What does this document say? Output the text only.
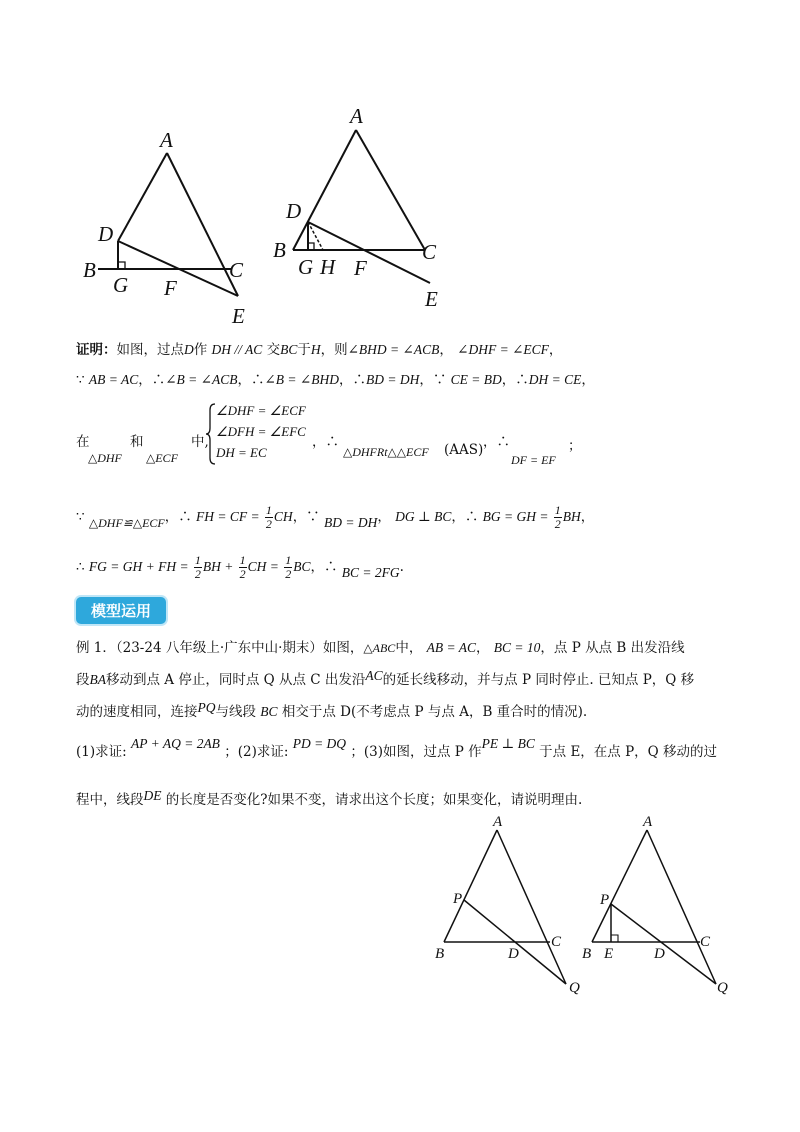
A
D
B
G F
C
E
A
D
B
G H F
C
E
证明：如图，过点D作 DH // AC 交BC于H，则∠BHD = ∠ACB， ∠DHF = ∠ECF，
∵ AB = AC，∴∠B = ∠ACB，∴∠B = ∠BHD，∴BD = DH，∵ CE = BD，∴DH = CE，
在
△DHF
和
△ECF
中,
∠DHF = ∠ECF
∠DFH = ∠EFC
DH = EC
，∴
△DHFRt△△ECF (AAS) ，∴
DF = EF
；
∵ △DHF≌△ECF，∴ FH = CF = $\frac{1}{2}$ CH，∵ BD = DH， DG ⊥ BC，∴ BG = GH = $\frac{1}{2}$ BH，
∴ FG = GH + FH = $\frac{1}{2}$ BH + $\frac{1}{2}$ CH = $\frac{1}{2}$ BC，∴ BC = 2FG.
模型运用
例 1．（23-24 八年级上·广东中山·期末）如图，△ABC中， AB = AC， BC = 10，点 P 从点 B 出发沿线
段BA移动到点 A 停止，同时点 Q 从点 C 出发沿AC的延长线移动，并与点 P 同时停止. 已知点 P，Q 移
动的速度相同，连接PQ与线段 BC 相交于点 D(不考虑点 P 与点 A，B 重合时的情况).
(1)求证: AP + AQ = 2AB ；(2)求证: PD = DQ ；(3)如图，过点 P 作PE ⊥ BC 于点 E，在点 P，Q 移动的过
程中，线段DE 的长度是否变化?如果不变，请求出这个长度；如果变化，请说明理由.
A
P
B	D
C
Q
A
P
B E	D
C
Q
